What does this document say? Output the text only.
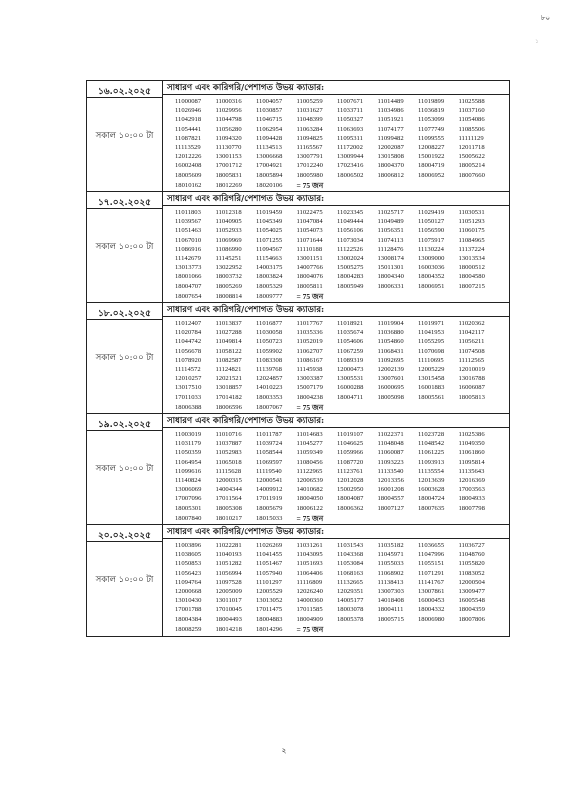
৮০
১
১৬.০২.২০২৫
সকাল ১০:০০ টা
সাধারণ এবং কারিগরি/পেশাগত উভয় ক্যাডার:
11000087	11000316	11004057	11005259	11007671	11014489	11019899	11025588
11026946	11029956	11030857	11031627	11033711	11034986	11036819	11037160
11042918	11044798	11046715	11048399	11050327	11051921	11053099	11054086
11054441	11056280	11062954	11063284	11063693	11074177	11077749	11085506
11087821	11094320	11094428	11094825	11095311	11099482	11099555	11111129
11113529	11130770	11134513	11165567	11172002	12002087	12008227	12011718
12012226	13001153	13006668	13007791	13009944	13015808	15001922	15005622
16002408	17001712	17004921	17012240	17023416	18004370	18004719	18005214
18005609	18005831	18005894	18005980	18006502	18006812	18006952	18007660
18010162	18012269	18020106	= 75 জন
১৭.০২.২০২৫
সকাল ১০:০০ টা
সাধারণ এবং কারিগরি/পেশাগত উভয় ক্যাডার:
11011803	11012318	11019459	11022475	11023345	11025717	11029419	11030531
11039567	11040905	11045349	11047084	11049444	11049489	11050127	11051293
11051463	11052933	11054025	11054073	11056106	11056351	11056590	11060175
11067010	11069969	11071255	11071644	11073034	11074113	11075917	11084965
11086916	11086990	11094567	11110188	11122526	11128476	11130224	11137224
11142679	11145251	11154663	13001151	13002024	13008174	13009000	13013534
13013773	13022952	14003175	14007766	15005275	15011301	16003036	18000512
18001066	18003732	18003824	18004076	18004283	18004340	18004352	18004580
18004707	18005269	18005329	18005811	18005949	18006331	18006951	18007215
18007654	18008814	18009777	= 75 জন
১৮.০২.২০২৫
সকাল ১০:০০ টা
সাধারণ এবং কারিগরি/পেশাগত উভয় ক্যাডার:
11012407	11013837	11016877	11017767	11018921	11019904	11019971	11020362
11020784	11027288	11030058	11035336	11035674	11036880	11041953	11042117
11044742	11049814	11050723	11052019	11054606	11054860	11055295	11056211
11056678	11058122	11059902	11062707	11067259	11068431	11070698	11074508
11078920	11082587	11083308	11086167	11089319	11092695	11110695	11112565
11114572	11124821	11139768	11145938	12000473	12002139	12005229	12010019
12010257	12021521	12024857	13003387	13005531	13007601	13015458	13016788
13017510	13018857	14010223	15007179	16000288	16000695	16001883	16006087
17011033	17014182	18003353	18004238	18004711	18005098	18005561	18005813
18006388	18006596	18007067	= 75 জন
১৯.০২.২০২৫
সকাল ১০:০০ টা
সাধারণ এবং কারিগরি/পেশাগত উভয় ক্যাডার:
11003019	11010716	11011787	11014683	11019107	11022371	11023728	11025386
11031179	11037887	11039724	11045277	11046625	11048048	11048542	11049350
11050359	11052983	11058544	11059349	11059966	11060087	11061225	11061860
11064954	11065018	11069597	11080456	11087720	11093223	11093913	11095814
11099616	11115628	11119540	11122965	11123761	11133540	11135554	11135643
11140824	12000315	12000541	12006539	12012028	12013356	12013639	12016369
13006069	14004344	14009912	14010682	15002950	16001208	16003628	17003563
17007096	17011564	17011919	18004050	18004087	18004557	18004724	18004933
18005301	18005308	18005679	18006122	18006362	18007127	18007635	18007798
18007840	18010217	18015033	= 75 জন
২০.০২.২০২৫
সকাল ১০:০০ টা
সাধারণ এবং কারিগরি/পেশাগত উভয় ক্যাডার:
11003896	11022281	11026269	11031261	11031543	11035182	11036655	11036727
11038605	11040193	11041455	11043095	11043368	11045971	11047996	11048760
11050853	11051282	11051467	11051693	11053084	11055033	11055151	11055820
11056423	11056994	11057940	11064406	11068163	11068902	11071291	11083052
11094764	11097528	11101297	11116809	11132665	11138413	11141767	12000504
12000668	12005009	12005529	12026240	12029351	13007303	13007861	13009477
13010430	13011017	13013052	14000360	14005177	14018408	16000453	16005548
17001788	17010045	17011475	17011585	18003078	18004111	18004332	18004359
18004384	18004493	18004883	18004909	18005378	18005715	18006980	18007806
18008259	18014218	18014296	= 75 জন
২
